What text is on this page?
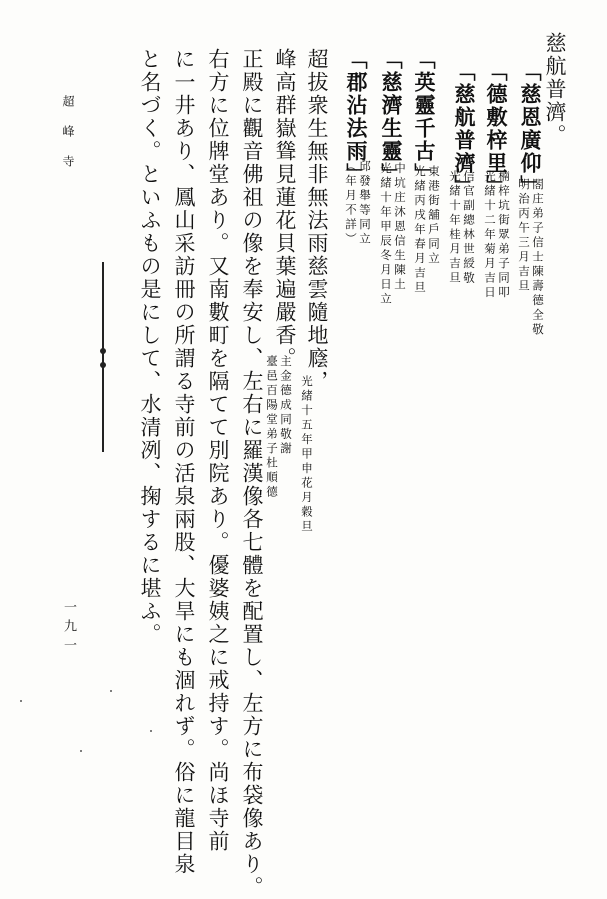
慈航普濟。

「慈恩廣仰」

明治丙午三月吉旦 閤庄弟子信士陳壽德全敬

「德敷梓里」

光緒十二年菊月吉日 楠梓坑街眾弟子同叩

「慈航普濟」

光緒十年桂月吉旦 信官副總林世綬敬

「英靈千古」

光緒丙戌年春月吉旦 東港街舖戶同立

「慈濟生靈」

光緒十年甲辰冬月日立 中坑庄沐恩信生陳土

「郡沾法雨」

（年月不詳） 邱發舉等同立

超拔衆生無非無法雨慈雲隨地廕，

光緒十五年甲申花月穀旦

峰高群嶽聳見蓮花貝葉遍嚴香。

臺邑百陽堂弟子杜順德 主金德成同敬謝

正殿に觀音佛祖の像を奉安し、左右に羅漢像各七體を配置し、左方に布袋像あり。

右方に位牌堂あり。又南數町を隔てて別院あり。優婆姨之に戒持す。尚ほ寺前

に一井あり、鳳山采訪冊の所謂る寺前の活泉兩股、大旱にも涸れず。俗に龍目泉

と名づく。といふもの是にして、水清冽、掬するに堪ふ。

超峰寺

一九一
